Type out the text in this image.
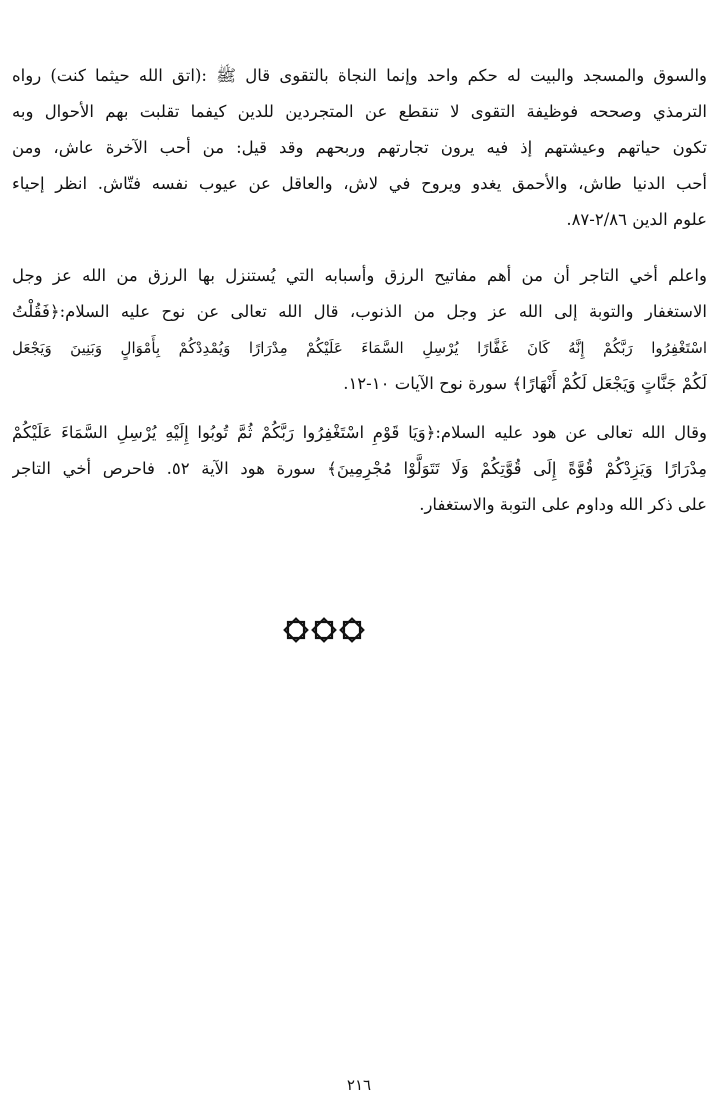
والسوق والمسجد والبيت له حكم واحد وإنما النجاة بالتقوى قال ﷺ :(اتق الله حيثما كنت) رواه
الترمذي وصححه فوظيفة التقوى لا تنقطع عن المتجردين للدين كيفما تقلبت بهم الأحوال وبه
تكون حياتهم وعيشتهم إذ فيه يرون تجارتهم وربحهم وقد قيل: من أحب الآخرة عاش، ومن
أحب الدنيا طاش، والأحمق يغدو ويروح في لاش، والعاقل عن عيوب نفسه فتّاش. انظر إحياء
علوم الدين ٢/٨٦-٨٧.
واعلم أخي التاجر أن من أهم مفاتيح الرزق وأسبابه التي يُستنزل بها الرزق من الله عز وجل
الاستغفار والتوبة إلى الله عز وجل من الذنوب، قال الله تعالى عن نوح عليه السلام:﴿فَقُلْتُ
اسْتَغْفِرُوا رَبَّكُمْ إِنَّهُ كَانَ غَفَّارًا يُرْسِلِ السَّمَاءَ عَلَيْكُمْ مِدْرَارًا وَيُمْدِدْكُمْ بِأَمْوَالٍ وَبَنِينَ وَيَجْعَل
لَكُمْ جَنَّاتٍ وَيَجْعَل لَكُمْ أَنْهَارًا﴾ سورة نوح الآيات ١٠-١٢.
وقال الله تعالى عن هود عليه السلام:﴿وَيَا قَوْمِ اسْتَغْفِرُوا رَبَّكُمْ ثُمَّ تُوبُوا إِلَيْهِ يُرْسِلِ السَّمَاءَ عَلَيْكُمْ
مِدْرَارًا وَيَزِدْكُمْ قُوَّةً إِلَى قُوَّتِكُمْ وَلَا تَتَوَلَّوْا مُجْرِمِينَ﴾ سورة هود الآية ٥٢. فاحرص أخي التاجر
على ذكر الله وداوم على التوبة والاستغفار.
٢١٦
